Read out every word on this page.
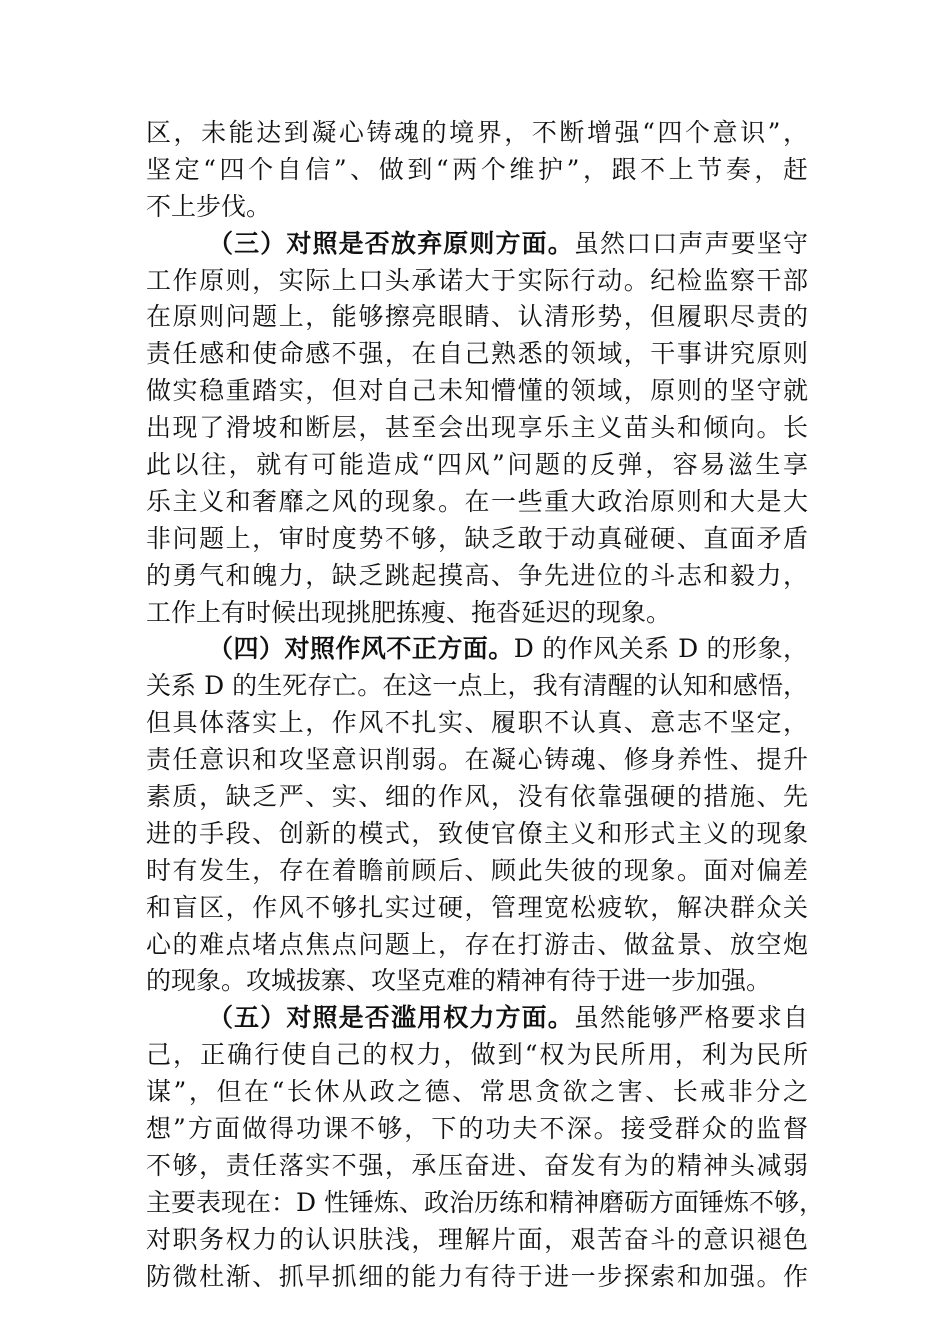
区，未能达到凝心铸魂的境界，不断增强“四个意识”，
坚定“四个自信”、做到“两个维护”，跟不上节奏，赶
不上步伐。
（三）对照是否放弃原则方面。虽然口口声声要坚守
工作原则，实际上口头承诺大于实际行动。纪检监察干部
在原则问题上，能够擦亮眼睛、认清形势，但履职尽责的
责任感和使命感不强，在自己熟悉的领域，干事讲究原则
做实稳重踏实，但对自己未知懵懂的领域，原则的坚守就
出现了滑坡和断层，甚至会出现享乐主义苗头和倾向。长
此以往，就有可能造成“四风”问题的反弹，容易滋生享
乐主义和奢靡之风的现象。在一些重大政治原则和大是大
非问题上，审时度势不够，缺乏敢于动真碰硬、直面矛盾
的勇气和魄力，缺乏跳起摸高、争先进位的斗志和毅力，
工作上有时候出现挑肥拣瘦、拖沓延迟的现象。
（四）对照作风不正方面。D 的作风关系 D 的形象，
关系 D 的生死存亡。在这一点上，我有清醒的认知和感悟，
但具体落实上，作风不扎实、履职不认真、意志不坚定，
责任意识和攻坚意识削弱。在凝心铸魂、修身养性、提升
素质，缺乏严、实、细的作风，没有依靠强硬的措施、先
进的手段、创新的模式，致使官僚主义和形式主义的现象
时有发生，存在着瞻前顾后、顾此失彼的现象。面对偏差
和盲区，作风不够扎实过硬，管理宽松疲软，解决群众关
心的难点堵点焦点问题上，存在打游击、做盆景、放空炮
的现象。攻城拔寨、攻坚克难的精神有待于进一步加强。
（五）对照是否滥用权力方面。虽然能够严格要求自
己，正确行使自己的权力，做到“权为民所用，利为民所
谋”，但在“长休从政之德、常思贪欲之害、长戒非分之
想”方面做得功课不够，下的功夫不深。接受群众的监督
不够，责任落实不强，承压奋进、奋发有为的精神头减弱
主要表现在：D 性锤炼、政治历练和精神磨砺方面锤炼不够，
对职务权力的认识肤浅，理解片面，艰苦奋斗的意识褪色
防微杜渐、抓早抓细的能力有待于进一步探索和加强。作
